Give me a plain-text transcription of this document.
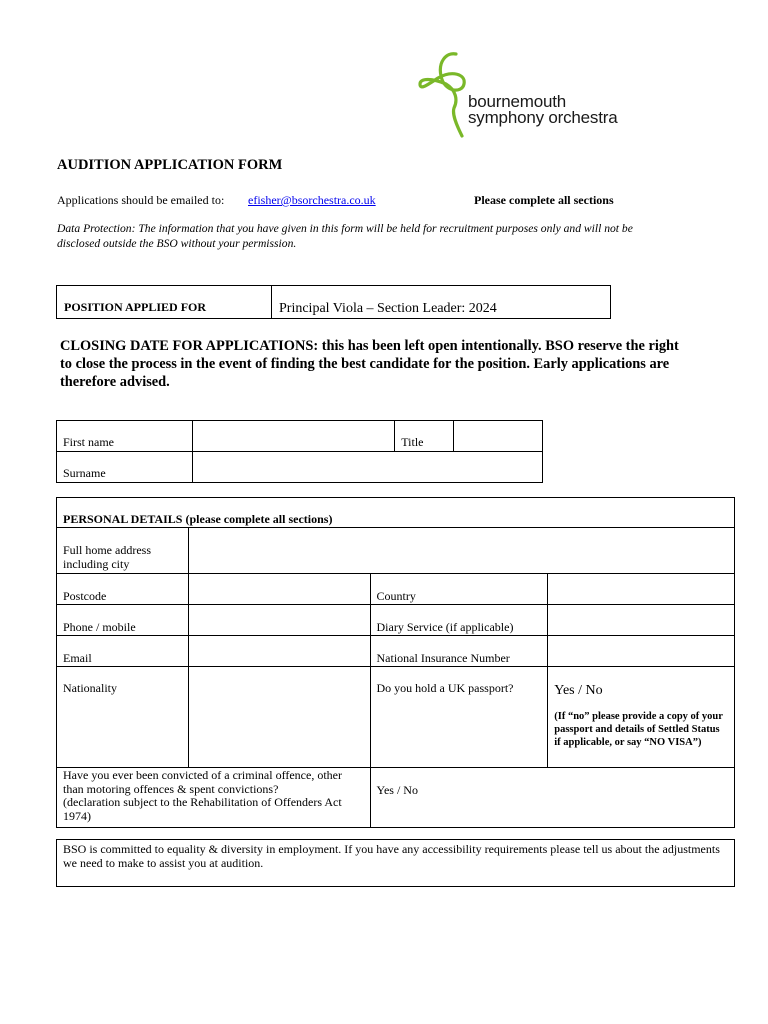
bournemouth
symphony orchestra
AUDITION APPLICATION FORM
Applications should be emailed to: efisher@bsorchestra.co.uk	Please complete all sections
Data Protection: The information that you have given in this form will be held for recruitment purposes only and will not be disclosed outside the BSO without your permission.
POSITION APPLIED FOR	Principal Viola – Section Leader: 2024
CLOSING DATE FOR APPLICATIONS: this has been left open intentionally. BSO reserve the right to close the process in the event of finding the best candidate for the position. Early applications are therefore advised.
First name		Title	
Surname			
PERSONAL DETAILS (please complete all sections)			
Full home address including city			
Postcode		Country	
Phone / mobile		Diary Service (if applicable)	
Email		National Insurance Number	
Nationality		Do you hold a UK passport?	Yes / No
(If “no” please provide a copy of your passport and details of Settled Status if applicable, or say “NO VISA”)

Have you ever been convicted of a criminal offence, other than motoring offences & spent convictions?
(declaration subject to the Rehabilitation of Offenders Act 1974)		Yes / No	
BSO is committed to equality & diversity in employment. If you have any accessibility requirements please tell us about the adjustments we need to make to assist you at audition.
